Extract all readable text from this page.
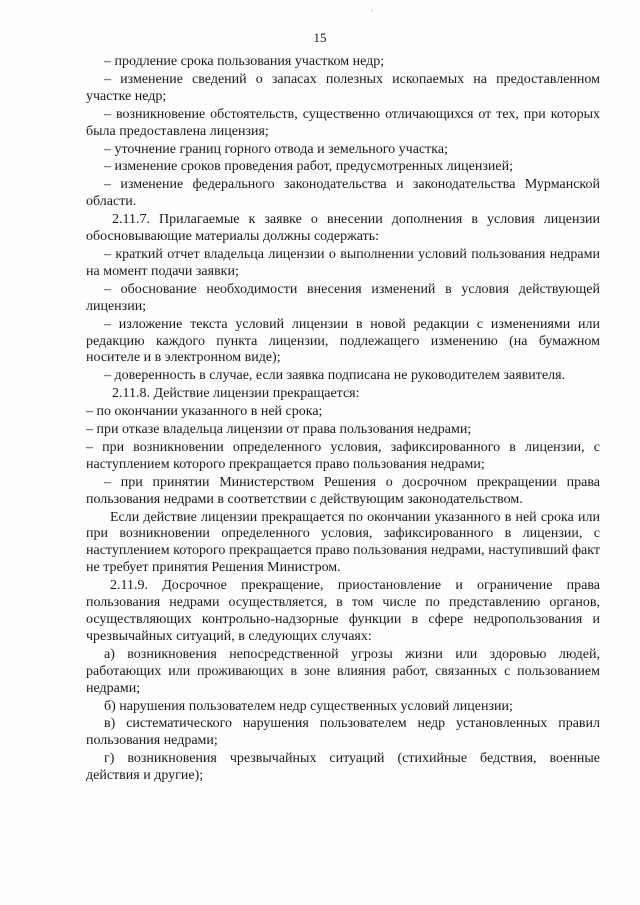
'
15

– продление срока пользования участком недр;

– изменение сведений о запасах полезных ископаемых на предоставленном участке недр;

– возникновение обстоятельств, существенно отличающихся от тех, при которых была предоставлена лицензия;

– уточнение границ горного отвода и земельного участка;

– изменение сроков проведения работ, предусмотренных лицензией;

– изменение федерального законодательства и законодательства Мурманской области.

2.11.7. Прилагаемые к заявке о внесении дополнения в условия лицензии обосновывающие материалы должны содержать:

– краткий отчет владельца лицензии о выполнении условий пользования недрами на момент подачи заявки;

– обоснование необходимости внесения изменений в условия действующей лицензии;

– изложение текста условий лицензии в новой редакции с изменениями или редакцию каждого пункта лицензии, подлежащего изменению (на бумажном носителе и в электронном виде);

– доверенность в случае, если заявка подписана не руководителем заявителя.

2.11.8. Действие лицензии прекращается:

– по окончании указанного в ней срока;

– при отказе владельца лицензии от права пользования недрами;

– при возникновении определенного условия, зафиксированного в лицензии, с наступлением которого прекращается право пользования недрами;

– при принятии Министерством Решения о досрочном прекращении права пользования недрами в соответствии с действующим законодательством.

Если действие лицензии прекращается по окончании указанного в ней срока или при возникновении определенного условия, зафиксированного в лицензии, с наступлением которого прекращается право пользования недрами, наступивший факт не требует принятия Решения Министром.

2.11.9. Досрочное прекращение, приостановление и ограничение права пользования недрами осуществляется, в том числе по представлению органов, осуществляющих контрольно-надзорные функции в сфере недропользования и чрезвычайных ситуаций, в следующих случаях:

а) возникновения непосредственной угрозы жизни или здоровью людей, работающих или проживающих в зоне влияния работ, связанных с пользованием недрами;

б) нарушения пользователем недр существенных условий лицензии;

в) систематического нарушения пользователем недр установленных правил пользования недрами;

г) возникновения чрезвычайных ситуаций (стихийные бедствия, военные действия и другие);
